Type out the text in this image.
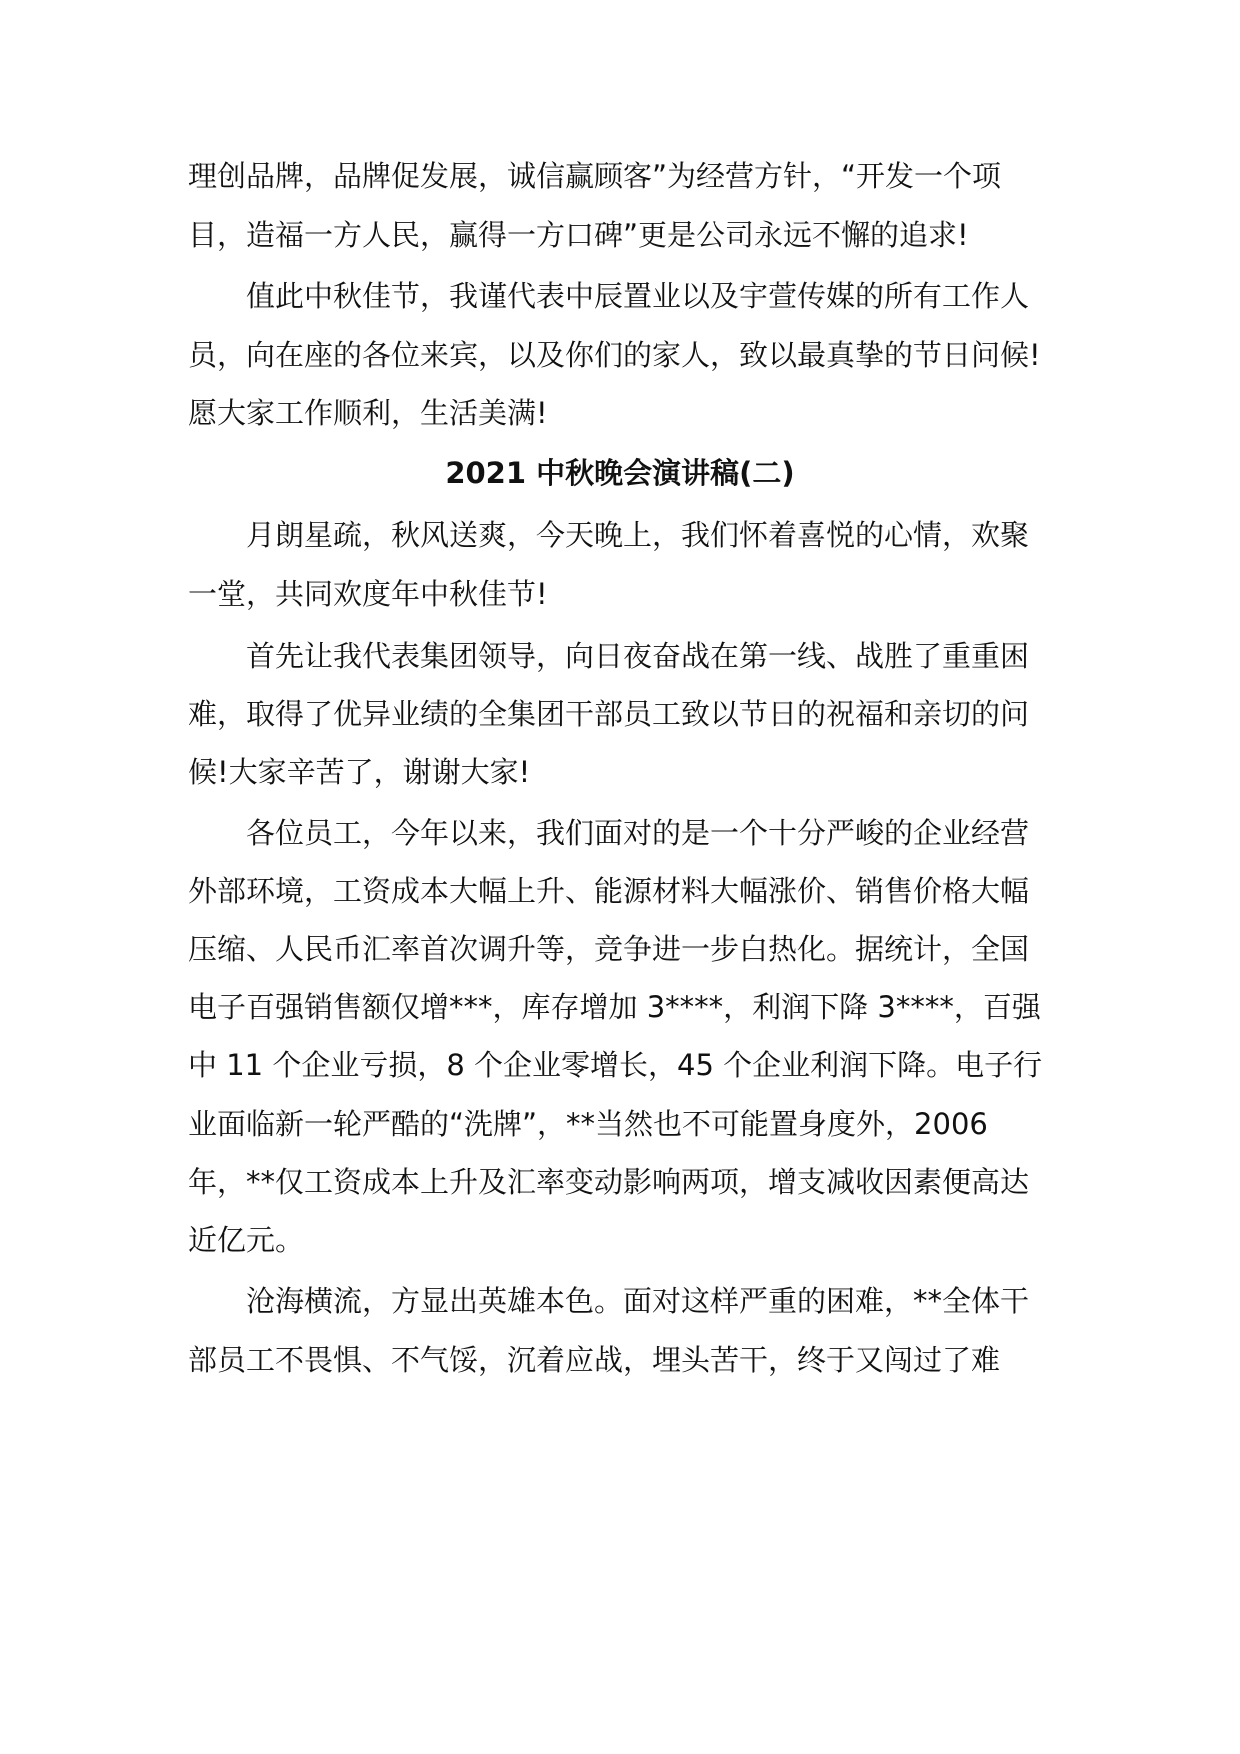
理创品牌，品牌促发展，诚信赢顾客”为经营方针，“开发一个项
目，造福一方人民，赢得一方口碑”更是公司永远不懈的追求!
　　值此中秋佳节，我谨代表中辰置业以及宇萱传媒的所有工作人
员，向在座的各位来宾，以及你们的家人，致以最真挚的节日问候!
愿大家工作顺利，生活美满!
2021 中秋晚会演讲稿(二)
　　月朗星疏，秋风送爽，今天晚上，我们怀着喜悦的心情，欢聚
一堂，共同欢度年中秋佳节!
　　首先让我代表集团领导，向日夜奋战在第一线、战胜了重重困
难，取得了优异业绩的全集团干部员工致以节日的祝福和亲切的问
候!大家辛苦了，谢谢大家!
　　各位员工，今年以来，我们面对的是一个十分严峻的企业经营
外部环境，工资成本大幅上升、能源材料大幅涨价、销售价格大幅
压缩、人民币汇率首次调升等，竞争进一步白热化。据统计，全国
电子百强销售额仅增***，库存增加 3****，利润下降 3****，百强
中 11 个企业亏损，8 个企业零增长，45 个企业利润下降。电子行
业面临新一轮严酷的“洗牌”，**当然也不可能置身度外，2006
年，**仅工资成本上升及汇率变动影响两项，增支减收因素便高达
近亿元。
　　沧海横流，方显出英雄本色。面对这样严重的困难，**全体干
部员工不畏惧、不气馁，沉着应战，埋头苦干，终于又闯过了难
